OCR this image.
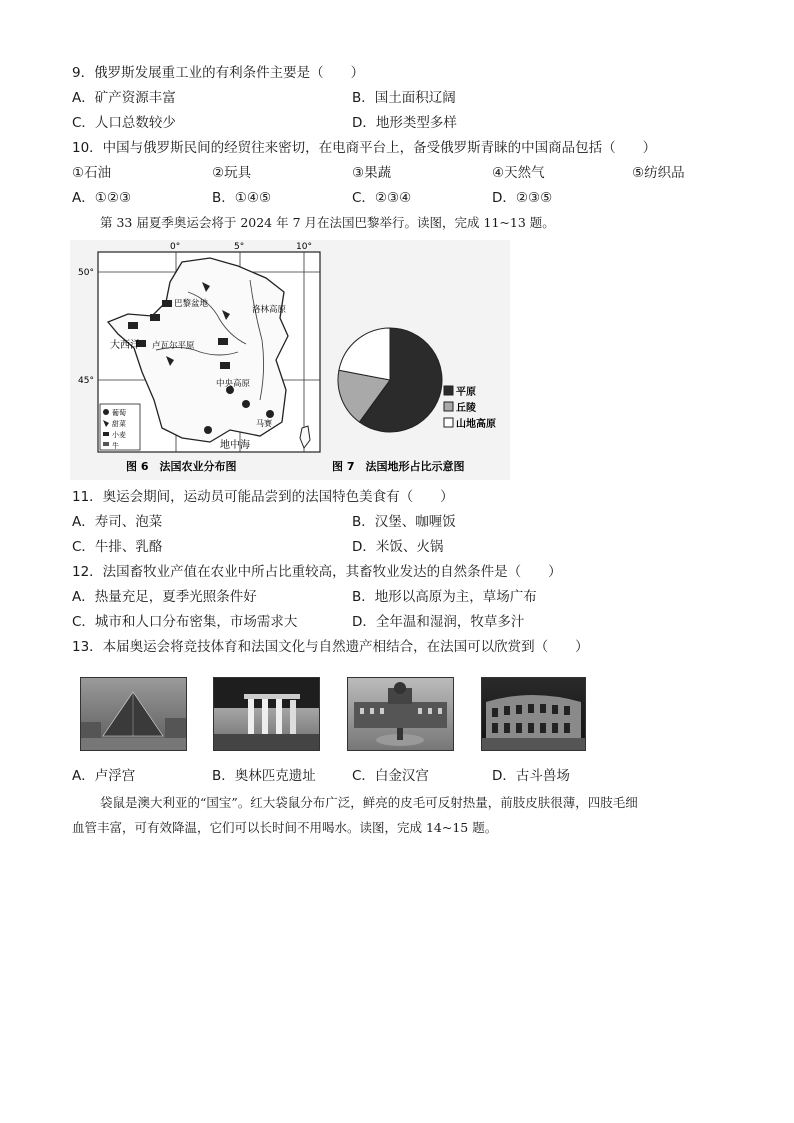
9．俄罗斯发展重工业的有利条件主要是（　　）
A．矿产资源丰富	B．国土面积辽阔
C．人口总数较少	D．地形类型多样
10．中国与俄罗斯民间的经贸往来密切，在电商平台上，备受俄罗斯青睐的中国商品包括（　　）
①石油	②玩具	③果蔬	④天然气	⑤纺织品
A．①②③	B．①④⑤	C．②③④	D．②③⑤
第 33 届夏季奥运会将于 2024 年 7 月在法国巴黎举行。读图，完成 11~13 题。
0°	5°	10°
50°
45°
巴黎盆地
洛林高原
大西洋 卢瓦尔平原
中央高原
马赛
地中海
葡萄
甜菜
小麦
牛
图 6　法国农业分布图
平原
丘陵
山地高原
图 7　法国地形占比示意图
11．奥运会期间，运动员可能品尝到的法国特色美食有（　　）
A．寿司、泡菜	B．汉堡、咖喱饭
C．牛排、乳酪	D．米饭、火锅
12．法国畜牧业产值在农业中所占比重较高，其畜牧业发达的自然条件是（　　）
A．热量充足，夏季光照条件好	B．地形以高原为主，草场广布
C．城市和人口分布密集，市场需求大	D．全年温和湿润，牧草多汁
13．本届奥运会将竞技体育和法国文化与自然遗产相结合，在法国可以欣赏到（　　）
A．卢浮宫	B．奥林匹克遗址	C．白金汉宫	D．古斗兽场
袋鼠是澳大利亚的“国宝”。红大袋鼠分布广泛，鲜亮的皮毛可反射热量，前肢皮肤很薄，四肢毛细
血管丰富，可有效降温，它们可以长时间不用喝水。读图，完成 14~15 题。
